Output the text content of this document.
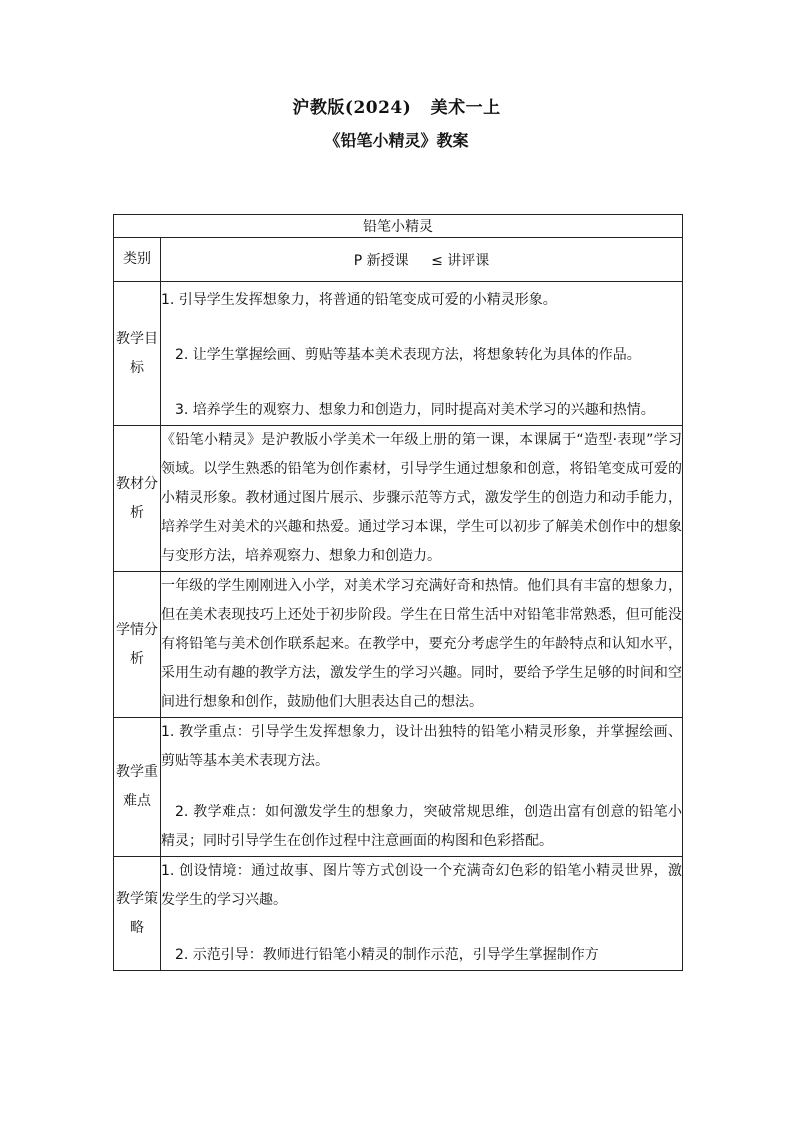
沪教版(2024)   美术一上
《铅笔小精灵》教案
铅笔小精灵	
类别	P 新授课 ≤ 讲评课
教学目标	1. 引导学生发挥想象力，将普通的铅笔变成可爱的小精灵形象。

2. 让学生掌握绘画、剪贴等基本美术表现方法，将想象转化为具体的作品。

3. 培养学生的观察力、想象力和创造力，同时提高对美术学习的兴趣和热情。

教材分析	《铅笔小精灵》是沪教版小学美术一年级上册的第一课，本课属于“造型·表现”学习领域。以学生熟悉的铅笔为创作素材，引导学生通过想象和创意，将铅笔变成可爱的小精灵形象。教材通过图片展示、步骤示范等方式，激发学生的创造力和动手能力，培养学生对美术的兴趣和热爱。通过学习本课，学生可以初步了解美术创作中的想象与变形方法，培养观察力、想象力和创造力。

学情分析	一年级的学生刚刚进入小学，对美术学习充满好奇和热情。他们具有丰富的想象力，但在美术表现技巧上还处于初步阶段。学生在日常生活中对铅笔非常熟悉，但可能没有将铅笔与美术创作联系起来。在教学中，要充分考虑学生的年龄特点和认知水平，采用生动有趣的教学方法，激发学生的学习兴趣。同时，要给予学生足够的时间和空间进行想象和创作，鼓励他们大胆表达自己的想法。

教学重难点	1. 教学重点：引导学生发挥想象力，设计出独特的铅笔小精灵形象，并掌握绘画、剪贴等基本美术表现方法。

2. 教学难点：如何激发学生的想象力，突破常规思维，创造出富有创意的铅笔小精灵；同时引导学生在创作过程中注意画面的构图和色彩搭配。

教学策略	1. 创设情境：通过故事、图片等方式创设一个充满奇幻色彩的铅笔小精灵世界，激发学生的学习兴趣。

2. 示范引导：教师进行铅笔小精灵的制作示范，引导学生掌握制作方
